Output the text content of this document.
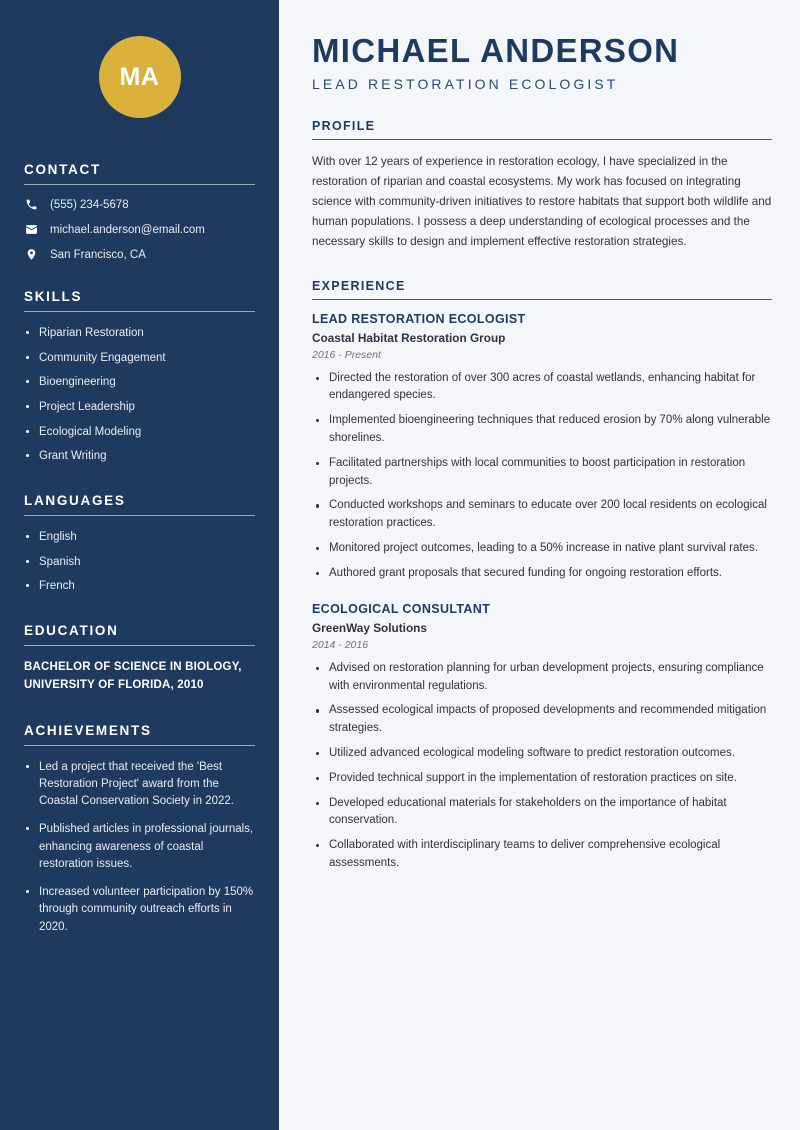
MA
CONTACT
(555) 234-5678
michael.anderson@email.com
San Francisco, CA
SKILLS
Riparian Restoration
Community Engagement
Bioengineering
Project Leadership
Ecological Modeling
Grant Writing
LANGUAGES
English
Spanish
French
EDUCATION
BACHELOR OF SCIENCE IN BIOLOGY,
UNIVERSITY OF FLORIDA, 2010
ACHIEVEMENTS
Led a project that received the 'Best Restoration Project' award from the Coastal Conservation Society in 2022.
Published articles in professional journals, enhancing awareness of coastal restoration issues.
Increased volunteer participation by 150% through community outreach efforts in 2020.
MICHAEL ANDERSON
LEAD RESTORATION ECOLOGIST
PROFILE

With over 12 years of experience in restoration ecology, I have specialized in the restoration of riparian and coastal ecosystems. My work has focused on integrating science with community-driven initiatives to restore habitats that support both wildlife and human populations. I possess a deep understanding of ecological processes and the necessary skills to design and implement effective restoration strategies.

EXPERIENCE
LEAD RESTORATION ECOLOGIST
Coastal Habitat Restoration Group
2016 - Present
Directed the restoration of over 300 acres of coastal wetlands, enhancing habitat for endangered species.
Implemented bioengineering techniques that reduced erosion by 70% along vulnerable shorelines.
Facilitated partnerships with local communities to boost participation in restoration projects.
Conducted workshops and seminars to educate over 200 local residents on ecological restoration practices.
Monitored project outcomes, leading to a 50% increase in native plant survival rates.
Authored grant proposals that secured funding for ongoing restoration efforts.
ECOLOGICAL CONSULTANT
GreenWay Solutions
2014 - 2016
Advised on restoration planning for urban development projects, ensuring compliance with environmental regulations.
Assessed ecological impacts of proposed developments and recommended mitigation strategies.
Utilized advanced ecological modeling software to predict restoration outcomes.
Provided technical support in the implementation of restoration practices on site.
Developed educational materials for stakeholders on the importance of habitat conservation.
Collaborated with interdisciplinary teams to deliver comprehensive ecological assessments.
